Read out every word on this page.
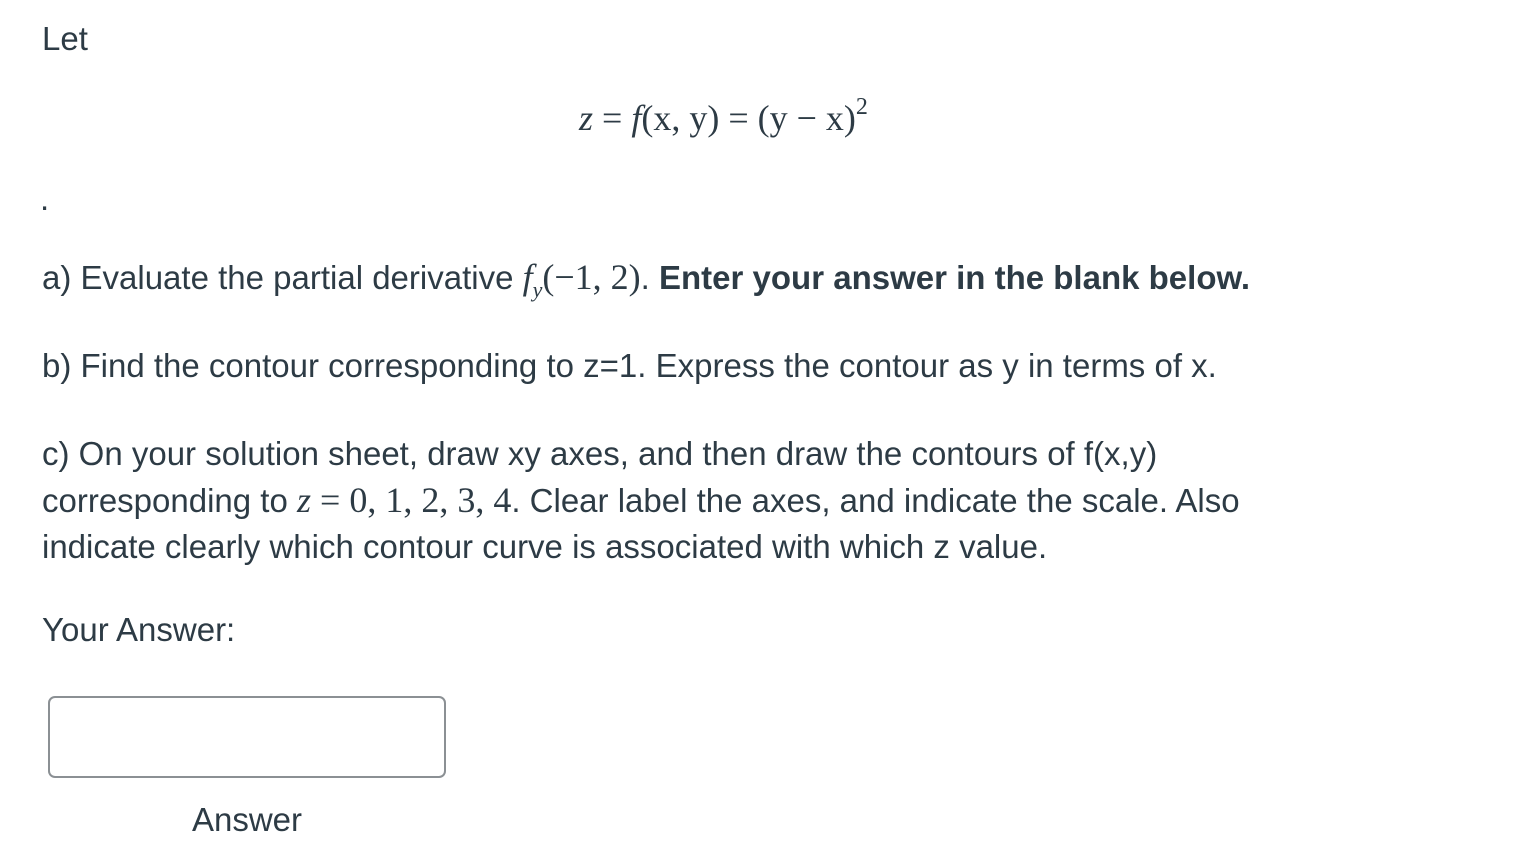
Let
z = f(x, $y) = (y - x)^2$
.
a) Evaluate the partial derivative $f_y(-1$, 2). Enter your answer in the blank below.
b) Find the contour corresponding to z=1. Express the contour as y in terms of x.
c) On your solution sheet, draw xy axes, and then draw the contours of f(x,y)
corresponding to z = 0, 1, 2, 3, 4. Clear label the axes, and indicate the scale. Also
indicate clearly which contour curve is associated with which z value.
Your Answer:
Answer
